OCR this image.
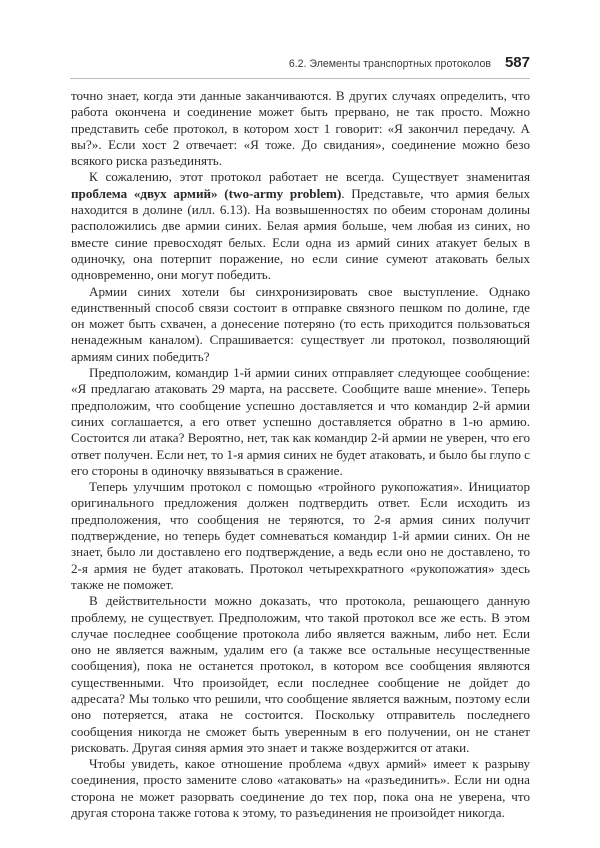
6.2. Элементы транспортных протоколов 587

точно знает, когда эти данные заканчиваются. В других случаях определить, что работа окончена и соединение может быть прервано, не так просто. Можно представить себе протокол, в котором хост 1 говорит: «Я закончил передачу. А вы?». Если хост 2 отвечает: «Я тоже. До свидания», соединение можно безо всякого риска разъединять.

К сожалению, этот протокол работает не всегда. Существует знаменитая проблема «двух армий» (two-army problem). Представьте, что армия белых находится в долине (илл. 6.13). На возвышенностях по обеим сторонам долины расположились две армии синих. Белая армия больше, чем любая из синих, но вместе синие превосходят белых. Если одна из армий синих атакует белых в одиночку, она потерпит поражение, но если синие сумеют атаковать белых одновременно, они могут победить.

Армии синих хотели бы синхронизировать свое выступление. Однако единственный способ связи состоит в отправке связного пешком по долине, где он может быть схвачен, а донесение потеряно (то есть приходится пользоваться ненадежным каналом). Спрашивается: существует ли протокол, позволяющий армиям синих победить?

Предположим, командир 1-й армии синих отправляет следующее сообщение: «Я предлагаю атаковать 29 марта, на рассвете. Сообщите ваше мнение». Теперь предположим, что сообщение успешно доставляется и что командир 2-й армии синих соглашается, а его ответ успешно доставляется обратно в 1-ю армию. Состоится ли атака? Вероятно, нет, так как командир 2-й армии не уверен, что его ответ получен. Если нет, то 1-я армия синих не будет атаковать, и было бы глупо с его стороны в одиночку ввязываться в сражение.

Теперь улучшим протокол с помощью «тройного рукопожатия». Инициатор оригинального предложения должен подтвердить ответ. Если исходить из предположения, что сообщения не теряются, то 2-я армия синих получит подтверждение, но теперь будет сомневаться командир 1-й армии синих. Он не знает, было ли доставлено его подтверждение, а ведь если оно не доставлено, то 2-я армия не будет атаковать. Протокол четырехкратного «рукопожатия» здесь также не поможет.

В действительности можно доказать, что протокола, решающего данную проблему, не существует. Предположим, что такой протокол все же есть. В этом случае последнее сообщение протокола либо является важным, либо нет. Если оно не является важным, удалим его (а также все остальные несущественные сообщения), пока не останется протокол, в котором все сообщения являются существенными. Что произойдет, если последнее сообщение не дойдет до адресата? Мы только что решили, что сообщение является важным, поэтому если оно потеряется, атака не состоится. Поскольку отправитель последнего сообщения никогда не сможет быть уверенным в его получении, он не станет рисковать. Другая синяя армия это знает и также воздержится от атаки.

Чтобы увидеть, какое отношение проблема «двух армий» имеет к разрыву соединения, просто замените слово «атаковать» на «разъединить». Если ни одна сторона не может разорвать соединение до тех пор, пока она не уверена, что другая сторона также готова к этому, то разъединения не произойдет никогда.
